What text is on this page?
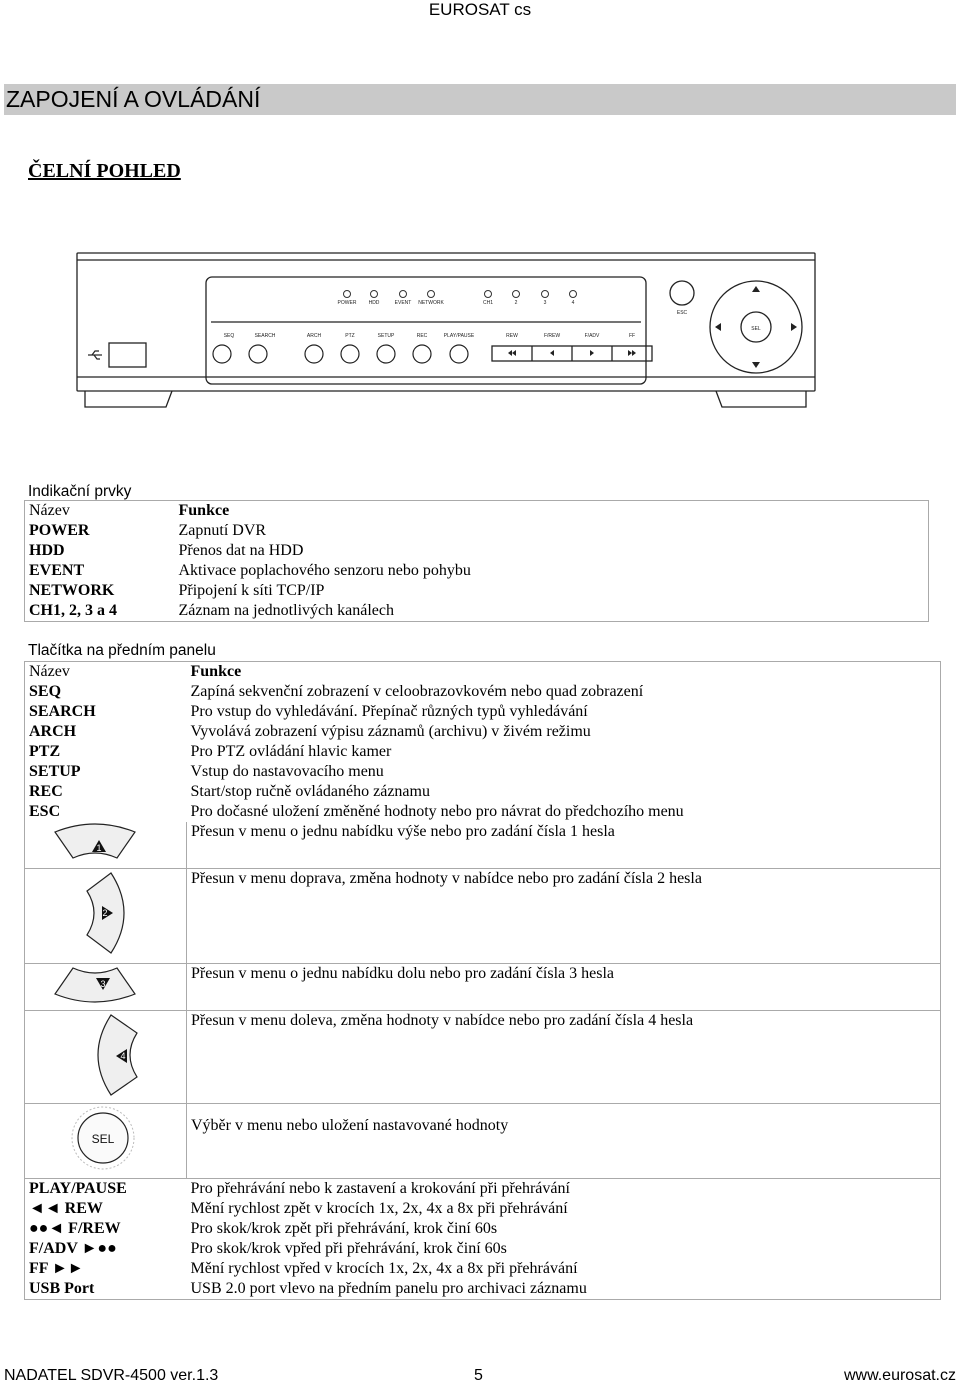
EUROSAT cs
ZAPOJENÍ A OVLÁDÁNÍ
ČELNÍ POHLED
POWER HDD	EVENT NETWORK	CH1	2	3	4
ESC
SEQ	SEARCH	ARCH	PTZ	SETUP	REC	PLAY/PAUSE	REW	F/REW	F/ADV	FF
SEL
Indikační prvky
Název	Funkce
POWER	Zapnutí DVR
HDD	Přenos dat na HDD
EVENT	Aktivace poplachového senzoru nebo pohybu
NETWORK	Připojení k síti TCP/IP
CH1, 2, 3 a 4	Záznam na jednotlivých kanálech
Tlačítka na předním panelu
Název	Funkce
SEQ	Zapíná sekvenční zobrazení v celoobrazovkovém nebo quad zobrazení
SEARCH	Pro vstup do vyhledávání. Přepínač různých typů vyhledávání
ARCH	Vyvolává zobrazení výpisu záznamů (archivu) v živém režimu
PTZ	Pro PTZ ovládání hlavic kamer
SETUP	Vstup do nastavovacího menu
REC	Start/stop ručně ovládaného záznamu
ESC	Pro dočasné uložení změněné hodnoty nebo pro návrat do předchozího menu

1	Přesun v menu o jednu nabídku výše nebo pro zadání čísla 1 hesla

2	Přesun v menu doprava, změna hodnoty v nabídce nebo pro zadání čísla 2 hesla

3	Přesun v menu o jednu nabídku dolu nebo pro zadání čísla 3 hesla

4	Přesun v menu doleva, změna hodnoty v nabídce nebo pro zadání čísla 4 hesla

SEL	Výběr v menu nebo uložení nastavované hodnoty
PLAY/PAUSE	Pro přehrávání nebo k zastavení a krokování při přehrávání
◄◄ REW	Mění rychlost zpět v krocích 1x, 2x, 4x a 8x při přehrávání
●●◄ F/REW	Pro skok/krok zpět při přehrávání, krok činí 60s
F/ADV ►●●	Pro skok/krok vpřed při přehrávání, krok činí 60s
FF ►►	Mění rychlost vpřed v krocích 1x, 2x, 4x a 8x při přehrávání
USB Port	USB 2.0 port vlevo na předním panelu pro archivaci záznamu
NADATEL SDVR-4500 ver.1.3	5	www.eurosat.cz
